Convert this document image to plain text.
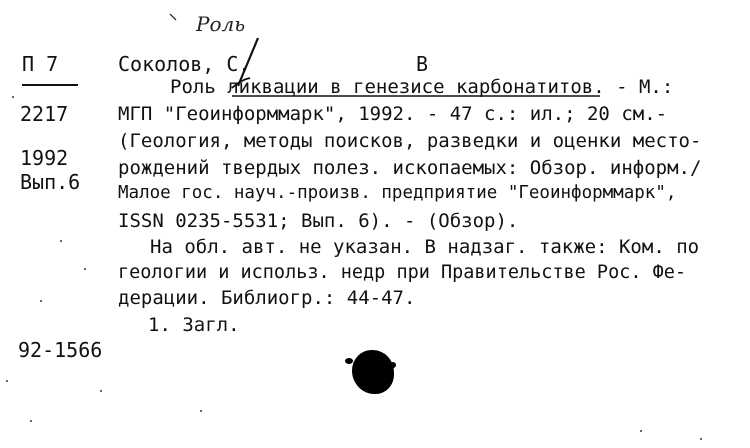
Роль
П 7
2217
1992
Вып.6
Соколов, С.	В
Роль ликвации в генезисе карбонатитов. - М.:
МГП "Геоинформмарк", 1992. - 47 с.: ил.; 20 см.-
(Геология, методы поисков, разведки и оценки место-
рождений твердых полез. ископаемых: Обзор. информ./
Малое гос. науч.-произв. предприятие "Геоинформмарк",
ISSN 0235-5531; Вып. 6). - (Обзор).
На обл. авт. не указан. В надзаг. также: Ком. по
геологии и использ. недр при Правительстве Рос. Фе-
дерации. Библиогр.: 44-47.
1. Загл.
92-1566
